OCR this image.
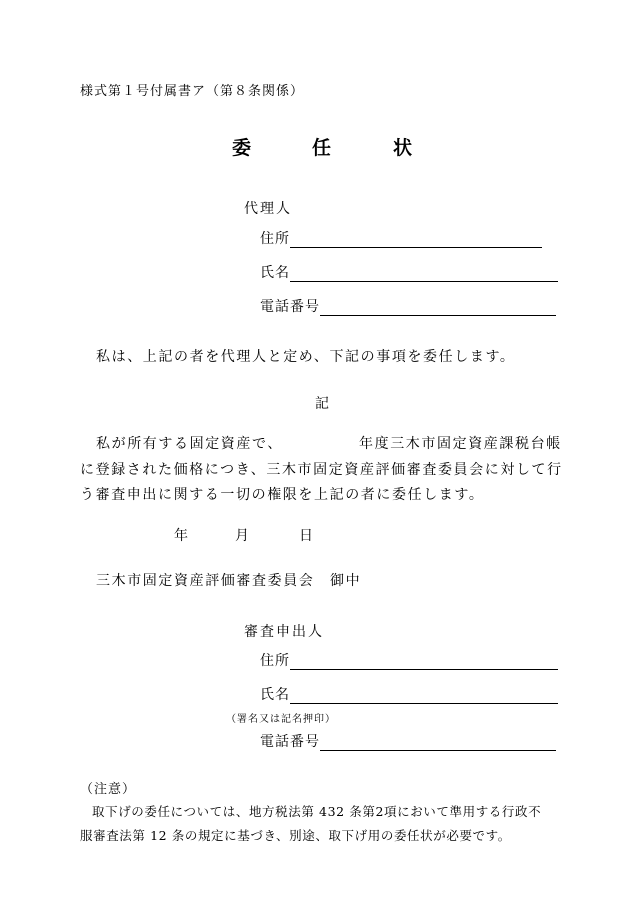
様式第１号付属書ア（第８条関係）
委	任	状
代理人
住所
氏名
電話番号
私は、上記の者を代理人と定め、下記の事項を委任します。
記
私が所有する固定資産で、	年度三木市固定資産課税台帳
に登録された価格につき、三木市固定資産評価審査委員会に対して行
う審査申出に関する一切の権限を上記の者に委任します。
年	月	日
三木市固定資産評価審査委員会　御中
審査申出人
住所
氏名
（署名又は記名押印）
電話番号
（注意）
取下げの委任については、地方税法第 432 条第2項において準用する行政不
服審査法第 12 条の規定に基づき、別途、取下げ用の委任状が必要です。
